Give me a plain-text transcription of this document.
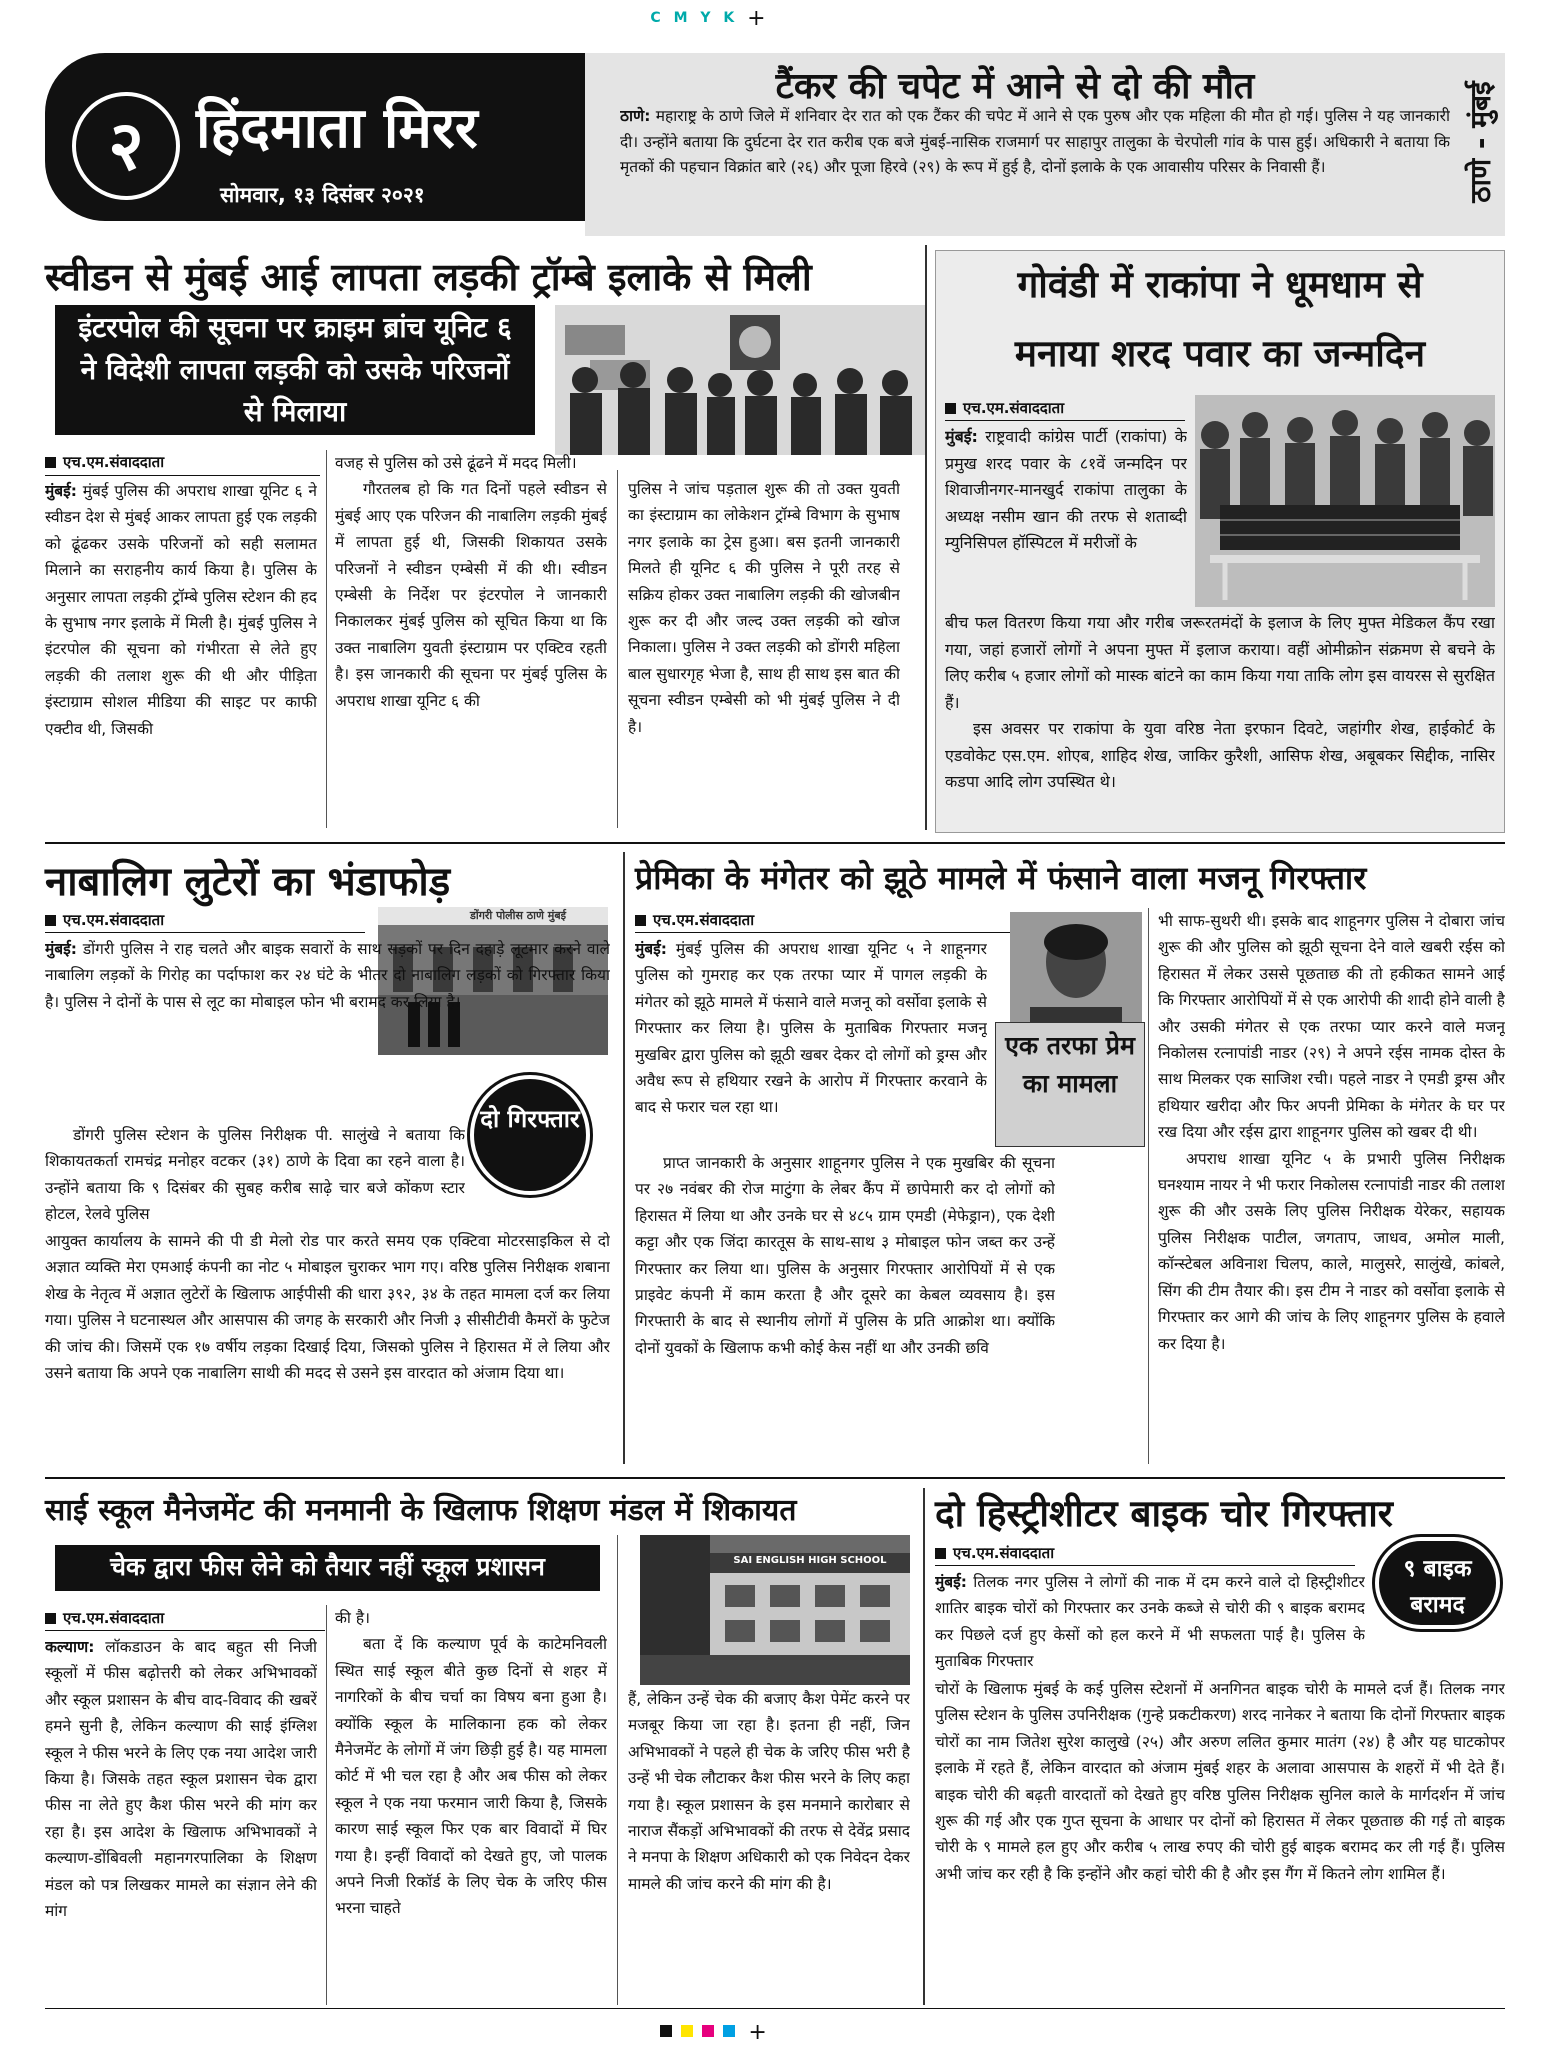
C M Y K +
२ हिंदमाता मिरर
सोमवार, १३ दिसंबर २०२१
टैंकर की चपेट में आने से दो की मौत

ठाणे: महाराष्ट्र के ठाणे जिले में शनिवार देर रात को एक टैंकर की चपेट में आने से एक पुरुष और एक महिला की मौत हो गई। पुलिस ने यह जानकारी दी। उन्होंने बताया कि दुर्घटना देर रात करीब एक बजे मुंबई-नासिक राजमार्ग पर साहापुर तालुका के चेरपोली गांव के पास हुई। अधिकारी ने बताया कि मृतकों की पहचान विक्रांत बारे (२६) और पूजा हिरवे (२९) के रूप में हुई है, दोनों इलाके के एक आवासीय परिसर के निवासी हैं।	ठाणे - मुंबई
स्वीडन से मुंबई आई लापता लड़की ट्रॉम्बे इलाके से मिली
इंटरपोल की सूचना पर क्राइम ब्रांच यूनिट ६ ने विदेशी लापता लड़की को उसके परिजनों से मिलाया
एच.एम.संवाददाता

मुंबई: मुंबई पुलिस की अपराध शाखा यूनिट ६ ने स्वीडन देश से मुंबई आकर लापता हुई एक लड़की को ढूंढकर उसके परिजनों को सही सलामत मिलाने का सराहनीय कार्य किया है। पुलिस के अनुसार लापता लड़की ट्रॉम्बे पुलिस स्टेशन की हद के सुभाष नगर इलाके में मिली है। मुंबई पुलिस ने इंटरपोल की सूचना को गंभीरता से लेते हुए लड़की की तलाश शुरू की थी और पीड़िता इंस्टाग्राम सोशल मीडिया की साइट पर काफी एक्टीव थी, जिसकी

वजह से पुलिस को उसे ढूंढने में मदद मिली।

गौरतलब हो कि गत दिनों पहले स्वीडन से मुंबई आए एक परिजन की नाबालिग लड़की मुंबई में लापता हुई थी, जिसकी शिकायत उसके परिजनों ने स्वीडन एम्बेसी में की थी। स्वीडन एम्बेसी के निर्देश पर इंटरपोल ने जानकारी निकालकर मुंबई पुलिस को सूचित किया था कि उक्त नाबालिग युवती इंस्टाग्राम पर एक्टिव रहती है। इस जानकारी की सूचना पर मुंबई पुलिस के अपराध शाखा यूनिट ६ की

पुलिस ने जांच पड़ताल शुरू की तो उक्त युवती का इंस्टाग्राम का लोकेशन ट्रॉम्बे विभाग के सुभाष नगर इलाके का ट्रेस हुआ। बस इतनी जानकारी मिलते ही यूनिट ६ की पुलिस ने पूरी तरह से सक्रिय होकर उक्त नाबालिग लड़की की खोजबीन शुरू कर दी और जल्द उक्त लड़की को खोज निकाला। पुलिस ने उक्त लड़की को डोंगरी महिला बाल सुधारगृह भेजा है, साथ ही साथ इस बात की सूचना स्वीडन एम्बेसी को भी मुंबई पुलिस ने दी है।

गोवंडी में राकांपा ने धूमधाम से
मनाया शरद पवार का जन्मदिन
एच.एम.संवाददाता

मुंबई: राष्ट्रवादी कांग्रेस पार्टी (राकांपा) के प्रमुख शरद पवार के ८१वें जन्मदिन पर शिवाजीनगर-मानखुर्द राकांपा तालुका के अध्यक्ष नसीम खान की तरफ से शताब्दी म्युनिसिपल हॉस्पिटल में मरीजों के

बीच फल वितरण किया गया और गरीब जरूरतमंदों के इलाज के लिए मुफ्त मेडिकल कैंप रखा गया, जहां हजारों लोगों ने अपना मुफ्त में इलाज कराया। वहीं ओमीक्रोन संक्रमण से बचने के लिए करीब ५ हजार लोगों को मास्क बांटने का काम किया गया ताकि लोग इस वायरस से सुरक्षित हैं।

इस अवसर पर राकांपा के युवा वरिष्ठ नेता इरफान दिवटे, जहांगीर शेख, हाईकोर्ट के एडवोकेट एस.एम. शोएब, शाहिद शेख, जाकिर कुरैशी, आसिफ शेख, अबूबकर सिद्दीक, नासिर कडपा आदि लोग उपस्थित थे।

नाबालिग लुटेरों का भंडाफोड़
एच.एम.संवाददाता	डोंगरी पोलीस ठाणे मुंबई

मुंबई: डोंगरी पुलिस ने राह चलते और बाइक सवारों के साथ सड़कों पर दिन दहाड़े लूटमार करने वाले नाबालिग लड़कों के गिरोह का पर्दाफाश कर २४ घंटे के भीतर दो नाबालिग लड़कों को गिरफ्तार किया है। पुलिस ने दोनों के पास से लूट का मोबाइल फोन भी बरामद कर लिया है।

दो गिरफ्तार

डोंगरी पुलिस स्टेशन के पुलिस निरीक्षक पी. सालुंखे ने बताया कि शिकायतकर्ता रामचंद्र मनोहर वटकर (३१) ठाणे के दिवा का रहने वाला है। उन्होंने बताया कि ९ दिसंबर की सुबह करीब साढ़े चार बजे कोंकण स्टार होटल, रेलवे पुलिस

आयुक्त कार्यालय के सामने की पी डी मेलो रोड पार करते समय एक एक्टिवा मोटरसाइकिल से दो अज्ञात व्यक्ति मेरा एमआई कंपनी का नोट ५ मोबाइल चुराकर भाग गए। वरिष्ठ पुलिस निरीक्षक शबाना शेख के नेतृत्व में अज्ञात लुटेरों के खिलाफ आईपीसी की धारा ३९२, ३४ के तहत मामला दर्ज कर लिया गया। पुलिस ने घटनास्थल और आसपास की जगह के सरकारी और निजी ३ सीसीटीवी कैमरों के फुटेज की जांच की। जिसमें एक १७ वर्षीय लड़का दिखाई दिया, जिसको पुलिस ने हिरासत में ले लिया और उसने बताया कि अपने एक नाबालिग साथी की मदद से उसने इस वारदात को अंजाम दिया था।

प्रेमिका के मंगेतर को झूठे मामले में फंसाने वाला मजनू गिरफ्तार
एच.एम.संवाददाता
एक तरफा प्रेम का मामला

मुंबई: मुंबई पुलिस की अपराध शाखा यूनिट ५ ने शाहूनगर पुलिस को गुमराह कर एक तरफा प्यार में पागल लड़की के मंगेतर को झूठे मामले में फंसाने वाले मजनू को वर्सोवा इलाके से गिरफ्तार कर लिया है। पुलिस के मुताबिक गिरफ्तार मजनू मुखबिर द्वारा पुलिस को झूठी खबर देकर दो लोगों को ड्रग्स और अवैध रूप से हथियार रखने के आरोप में गिरफ्तार करवाने के बाद से फरार चल रहा था।

प्राप्त जानकारी के अनुसार शाहूनगर पुलिस ने एक मुखबिर की सूचना पर २७ नवंबर की रोज माटुंगा के लेबर कैंप में छापेमारी कर दो लोगों को हिरासत में लिया था और उनके घर से ४८५ ग्राम एमडी (मेफेड्रान), एक देशी कट्टा और एक जिंदा कारतूस के साथ-साथ ३ मोबाइल फोन जब्त कर उन्हें गिरफ्तार कर लिया था। पुलिस के अनुसार गिरफ्तार आरोपियों में से एक प्राइवेट कंपनी में काम करता है और दूसरे का केबल व्यवसाय है। इस गिरफ्तारी के बाद से स्थानीय लोगों में पुलिस के प्रति आक्रोश था। क्योंकि दोनों युवकों के खिलाफ कभी कोई केस नहीं था और उनकी छवि

भी साफ-सुथरी थी। इसके बाद शाहूनगर पुलिस ने दोबारा जांच शुरू की और पुलिस को झूठी सूचना देने वाले खबरी रईस को हिरासत में लेकर उससे पूछताछ की तो हकीकत सामने आई कि गिरफ्तार आरोपियों में से एक आरोपी की शादी होने वाली है और उसकी मंगेतर से एक तरफा प्यार करने वाले मजनू निकोलस रत्नापांडी नाडर (२९) ने अपने रईस नामक दोस्त के साथ मिलकर एक साजिश रची। पहले नाडर ने एमडी ड्रग्स और हथियार खरीदा और फिर अपनी प्रेमिका के मंगेतर के घर पर रख दिया और रईस द्वारा शाहूनगर पुलिस को खबर दी थी।

अपराध शाखा यूनिट ५ के प्रभारी पुलिस निरीक्षक घनश्याम नायर ने भी फरार निकोलस रत्नापांडी नाडर की तलाश शुरू की और उसके लिए पुलिस निरीक्षक येरेकर, सहायक पुलिस निरीक्षक पाटील, जगताप, जाधव, अमोल माली, कॉन्स्टेबल अविनाश चिलप, काले, मालुसरे, सालुंखे, कांबले, सिंग की टीम तैयार की। इस टीम ने नाडर को वर्सोवा इलाके से गिरफ्तार कर आगे की जांच के लिए शाहूनगर पुलिस के हवाले कर दिया है।

साई स्कूल मैनेजमेंट की मनमानी के खिलाफ शिक्षण मंडल में शिकायत
चेक द्वारा फीस लेने को तैयार नहीं स्कूल प्रशासन
एच.एम.संवाददाता

कल्याण: लॉकडाउन के बाद बहुत सी निजी स्कूलों में फीस बढ़ोत्तरी को लेकर अभिभावकों और स्कूल प्रशासन के बीच वाद-विवाद की खबरें हमने सुनी है, लेकिन कल्याण की साई इंग्लिश स्कूल ने फीस भरने के लिए एक नया आदेश जारी किया है। जिसके तहत स्कूल प्रशासन चेक द्वारा फीस ना लेते हुए कैश फीस भरने की मांग कर रहा है। इस आदेश के खिलाफ अभिभावकों ने कल्याण-डोंबिवली महानगरपालिका के शिक्षण मंडल को पत्र लिखकर मामले का संज्ञान लेने की मांग

की है।

बता दें कि कल्याण पूर्व के काटेमनिवली स्थित साई स्कूल बीते कुछ दिनों से शहर में नागरिकों के बीच चर्चा का विषय बना हुआ है। क्योंकि स्कूल के मालिकाना हक को लेकर मैनेजमेंट के लोगों में जंग छिड़ी हुई है। यह मामला कोर्ट में भी चल रहा है और अब फीस को लेकर स्कूल ने एक नया फरमान जारी किया है, जिसके कारण साई स्कूल फिर एक बार विवादों में घिर गया है। इन्हीं विवादों को देखते हुए, जो पालक अपने निजी रिकॉर्ड के लिए चेक के जरिए फीस भरना चाहते

SAI ENGLISH HIGH SCHOOL

हैं, लेकिन उन्हें चेक की बजाए कैश पेमेंट करने पर मजबूर किया जा रहा है। इतना ही नहीं, जिन अभिभावकों ने पहले ही चेक के जरिए फीस भरी है उन्हें भी चेक लौटाकर कैश फीस भरने के लिए कहा गया है। स्कूल प्रशासन के इस मनमाने कारोबार से नाराज सैंकड़ों अभिभावकों की तरफ से देवेंद्र प्रसाद ने मनपा के शिक्षण अधिकारी को एक निवेदन देकर मामले की जांच करने की मांग की है।

दो हिस्ट्रीशीटर बाइक चोर गिरफ्तार
एच.एम.संवाददाता
९ बाइक बरामद

मुंबई: तिलक नगर पुलिस ने लोगों की नाक में दम करने वाले दो हिस्ट्रीशीटर शातिर बाइक चोरों को गिरफ्तार कर उनके कब्जे से चोरी की ९ बाइक बरामद कर पिछले दर्ज हुए केसों को हल करने में भी सफलता पाई है। पुलिस के मुताबिक गिरफ्तार

चोरों के खिलाफ मुंबई के कई पुलिस स्टेशनों में अनगिनत बाइक चोरी के मामले दर्ज हैं। तिलक नगर पुलिस स्टेशन के पुलिस उपनिरीक्षक (गुन्हे प्रकटीकरण) शरद नानेकर ने बताया कि दोनों गिरफ्तार बाइक चोरों का नाम जितेश सुरेश कालुखे (२५) और अरुण ललित कुमार मातंग (२४) है और यह घाटकोपर इलाके में रहते हैं, लेकिन वारदात को अंजाम मुंबई शहर के अलावा आसपास के शहरों में भी देते हैं। बाइक चोरी की बढ़ती वारदातों को देखते हुए वरिष्ठ पुलिस निरीक्षक सुनिल काले के मार्गदर्शन में जांच शुरू की गई और एक गुप्त सूचना के आधार पर दोनों को हिरासत में लेकर पूछताछ की गई तो बाइक चोरी के ९ मामले हल हुए और करीब ५ लाख रुपए की चोरी हुई बाइक बरामद कर ली गई हैं। पुलिस अभी जांच कर रही है कि इन्होंने और कहां चोरी की है और इस गैंग में कितने लोग शामिल हैं।

+
